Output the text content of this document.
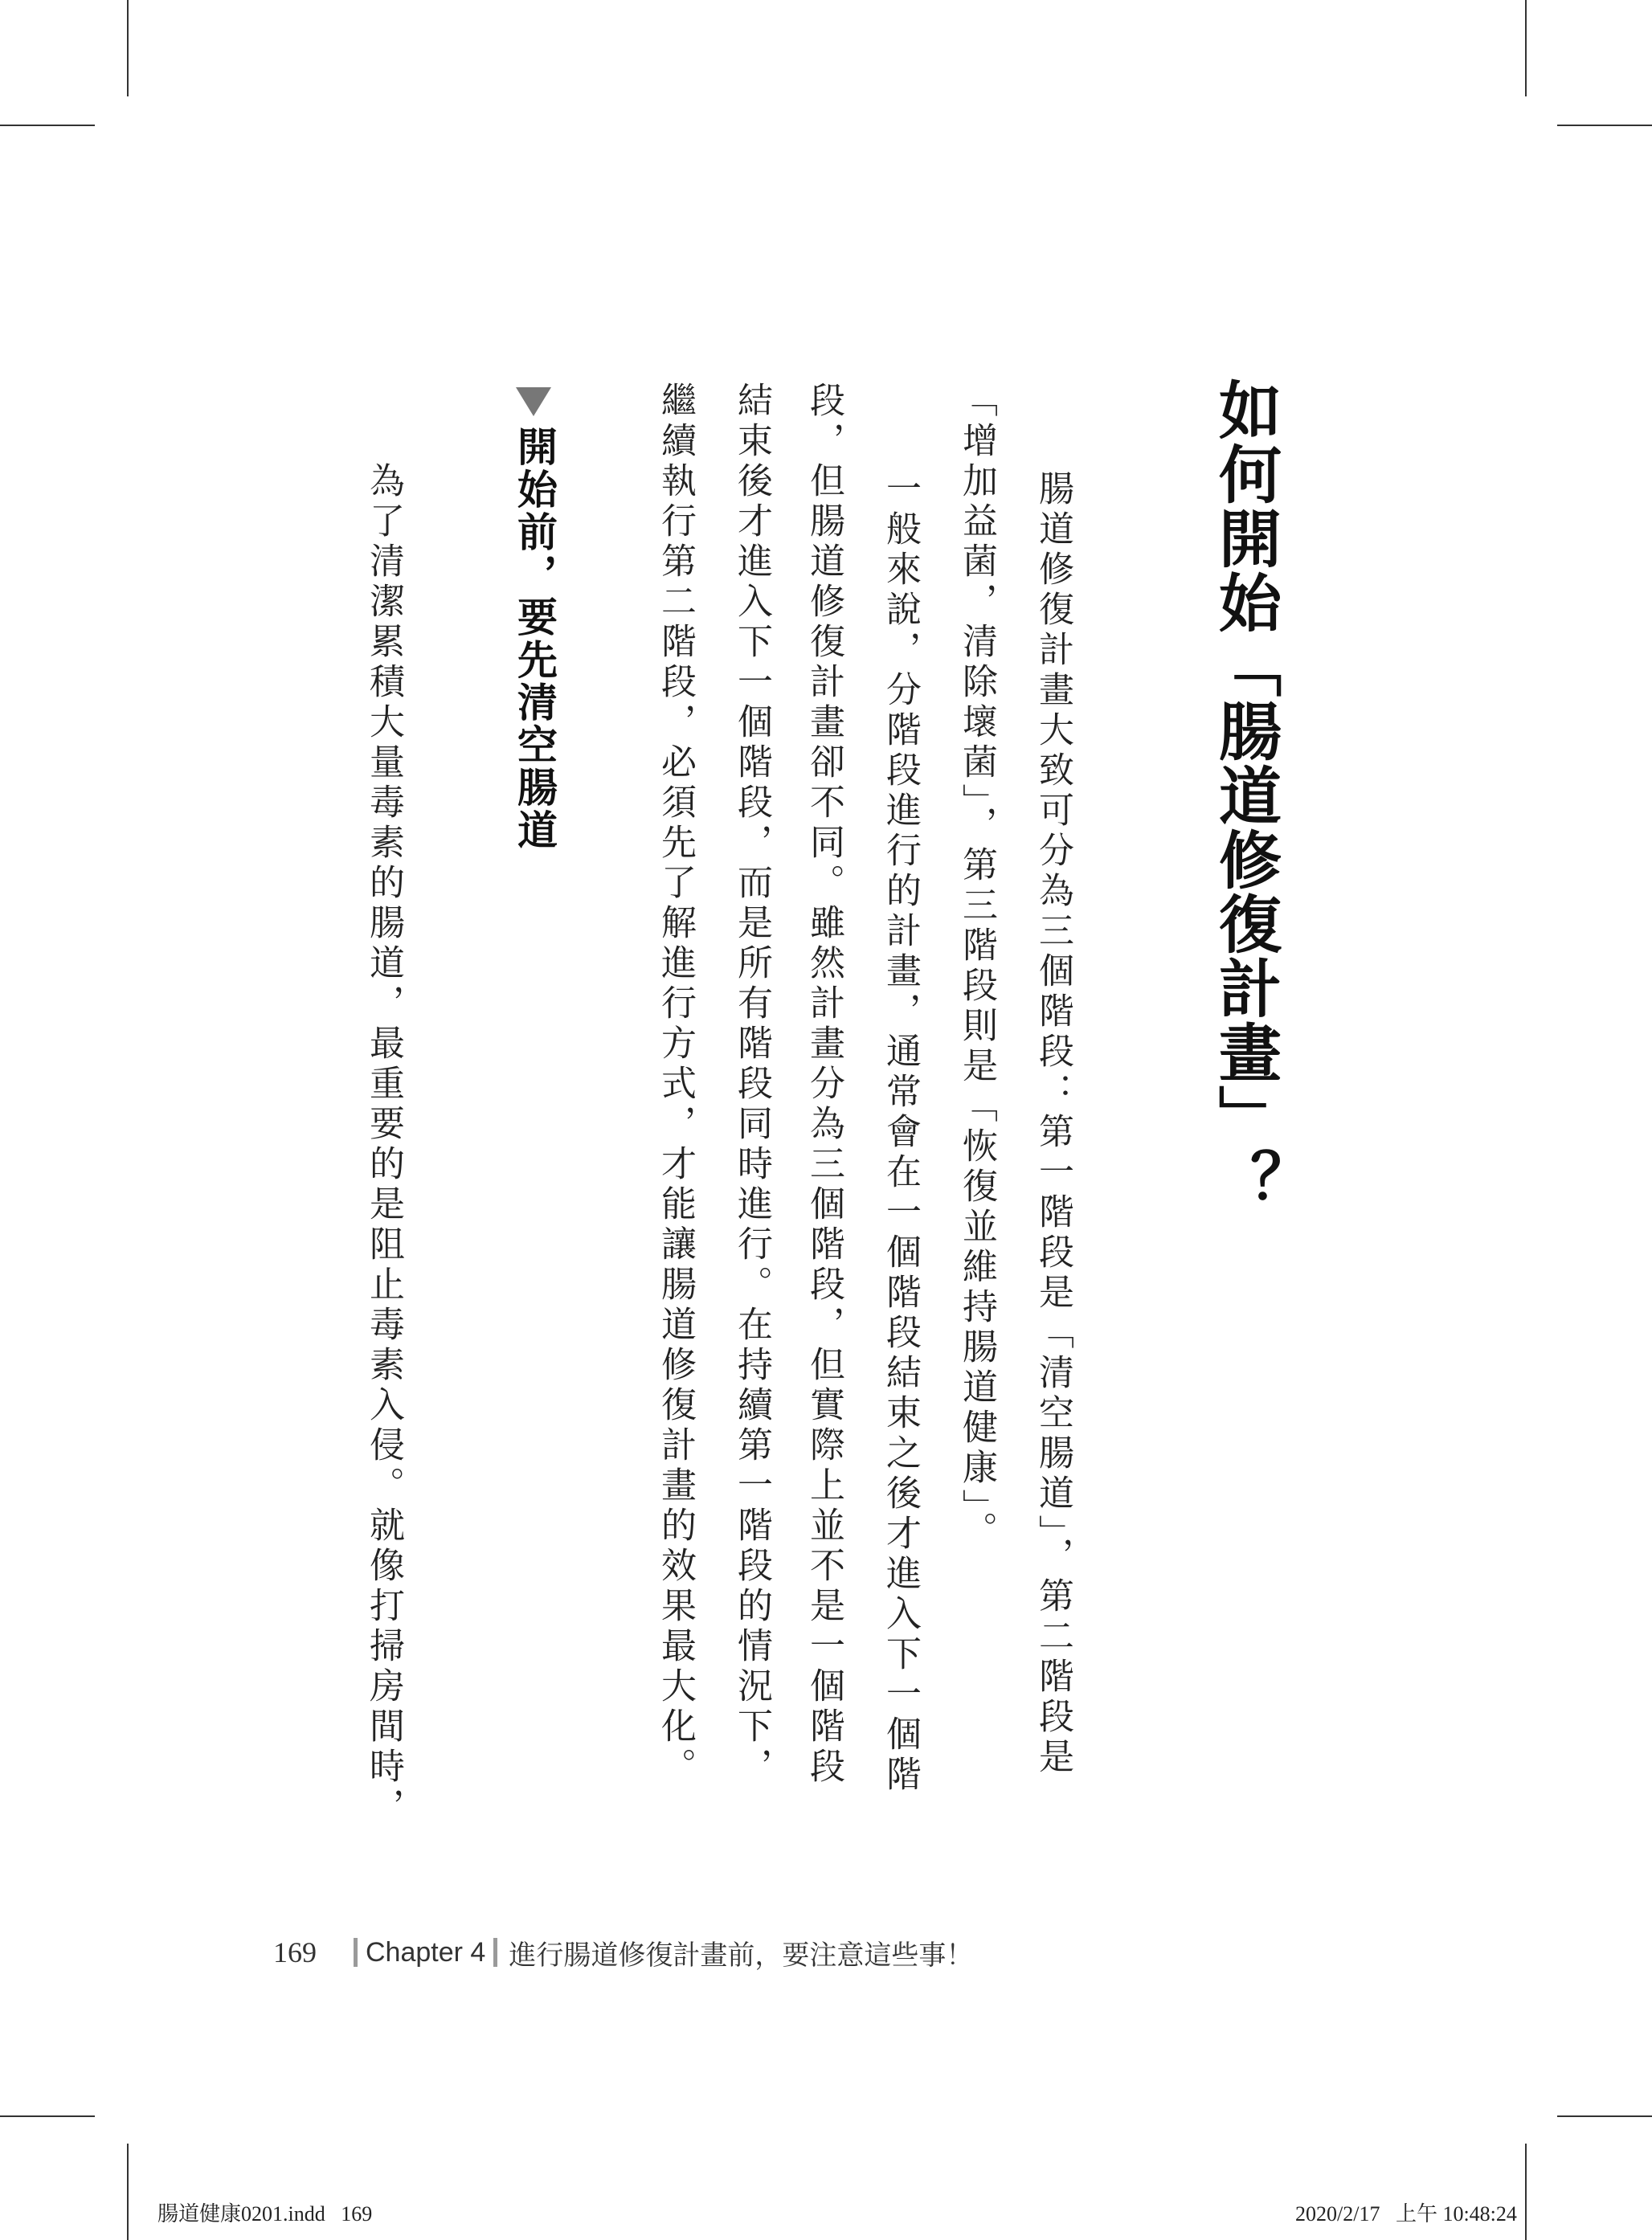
如何開始「腸道修復計畫」？

腸道修復計畫大致可分為三個階段：第一階段是「清空腸道」，第二階段是

「增加益菌，清除壞菌」，第三階段則是「恢復並維持腸道健康」。

一般來說，分階段進行的計畫，通常會在一個階段結束之後才進入下一個階

段，但腸道修復計畫卻不同。雖然計畫分為三個階段，但實際上並不是一個階段

結束後才進入下一個階段，而是所有階段同時進行。在持續第一階段的情況下，

繼續執行第二階段，必須先了解進行方式，才能讓腸道修復計畫的效果最大化。

開始前，要先清空腸道

為了清潔累積大量毒素的腸道，最重要的是阻止毒素入侵。就像打掃房間時，

169	Chapter 4 進行腸道修復計畫前，要注意這些事！
腸道健康0201.indd   169	2020/2/17   上午 10:48:24
